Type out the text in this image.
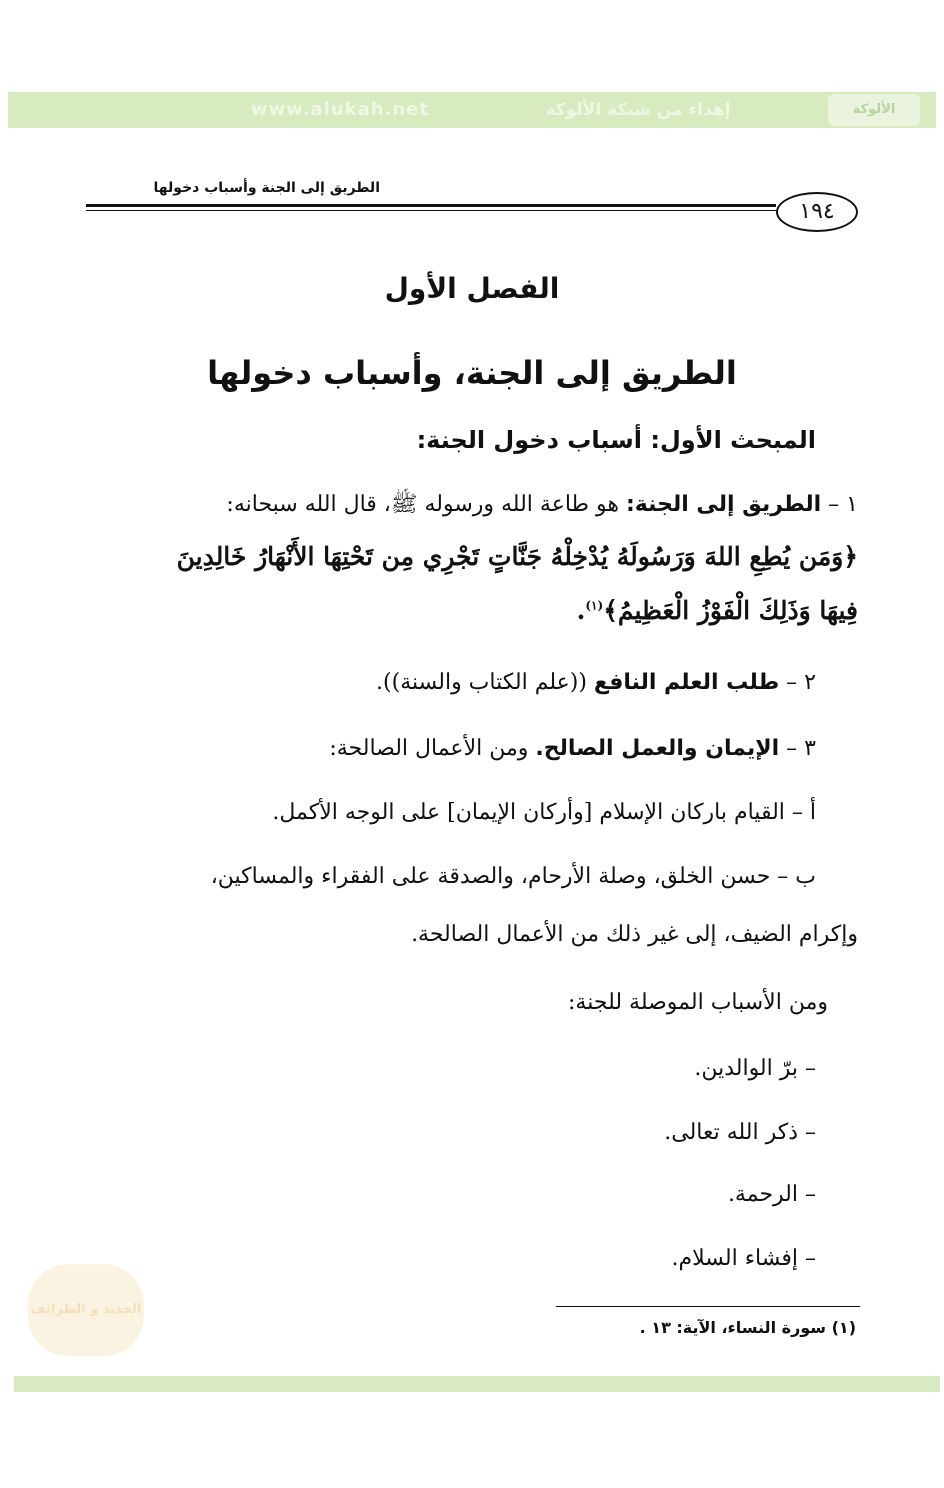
www.alukah.net	إهداء من شبكة الألوكة	الألوكة
الطريق إلى الجنة وأسباب دخولها
١٩٤
الفصل الأول
الطريق إلى الجنة، وأسباب دخولها
المبحث الأول: أسباب دخول الجنة:
١ – الطريق إلى الجنة: هو طاعة الله ورسوله ﷺ، قال الله سبحانه:
﴿وَمَن يُطِعِ اللهَ وَرَسُولَهُ يُدْخِلْهُ جَنَّاتٍ تَجْرِي مِن تَحْتِهَا الأَنْهَارُ خَالِدِينَ
فِيهَا وَذَلِكَ الْفَوْزُ الْعَظِيمُ﴾$^{(١)}$.
٢ – طلب العلم النافع ((علم الكتاب والسنة)).
٣ – الإيمان والعمل الصالح. ومن الأعمال الصالحة:
أ – القيام باركان الإسلام [وأركان الإيمان] على الوجه الأكمل.
ب – حسن الخلق، وصلة الأرحام، والصدقة على الفقراء والمساكين،
وإكرام الضيف، إلى غير ذلك من الأعمال الصالحة.
ومن الأسباب الموصلة للجنة:
– برّ الوالدين.
– ذكر الله تعالى.
– الرحمة.
– إفشاء السلام.
الجديد و الطرائف
(١) سورة النساء، الآية: ١٣ .
